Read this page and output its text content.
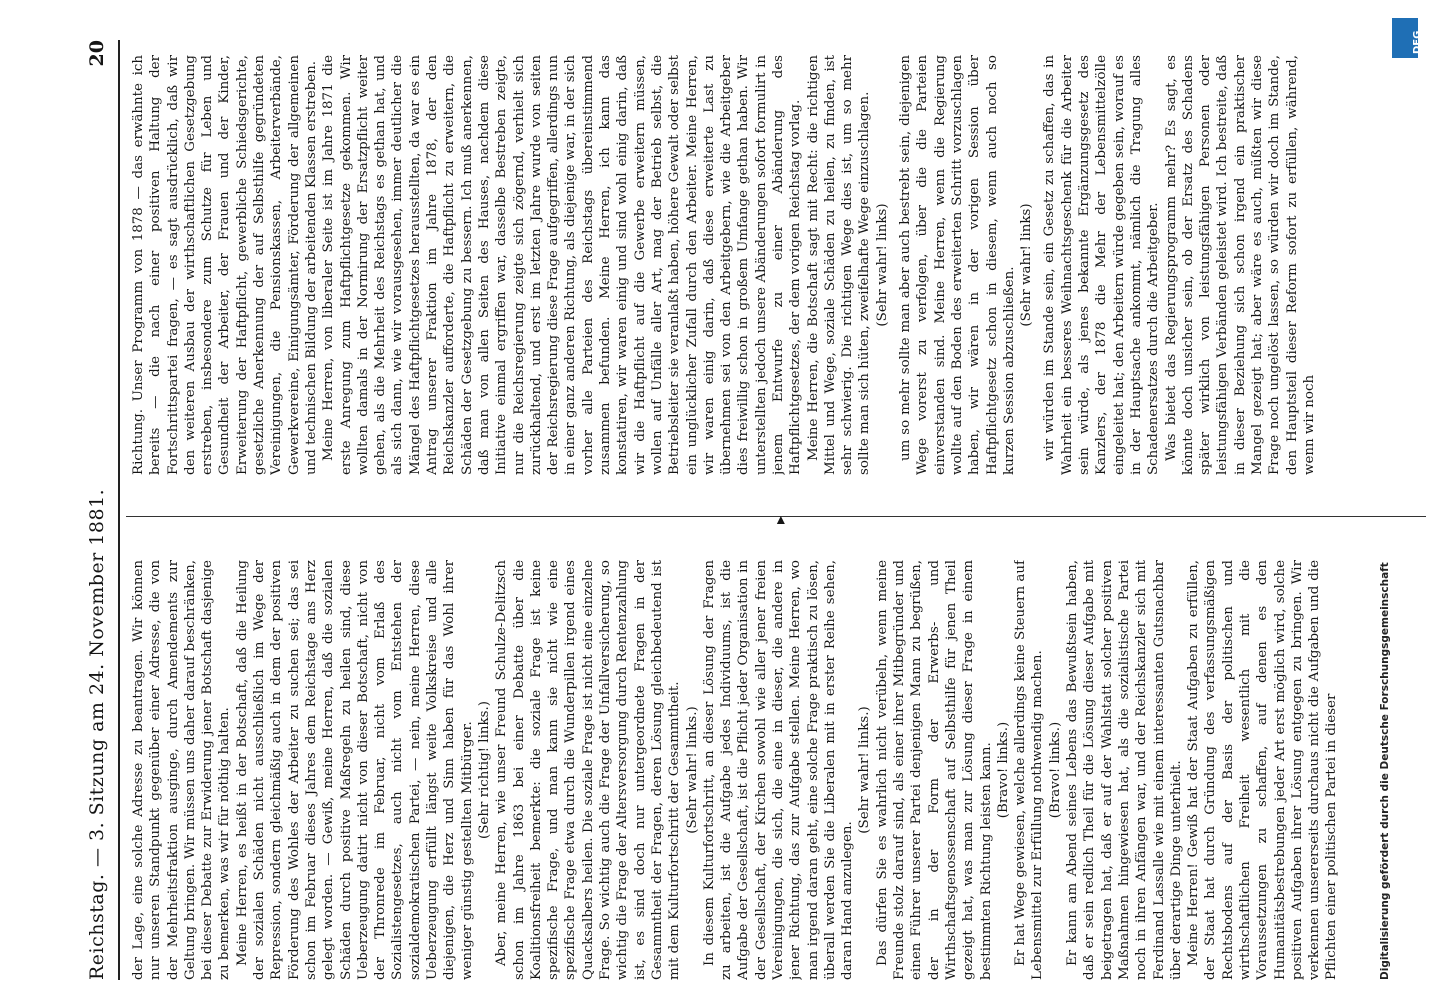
Reichstag. — 3. Sitzung am 24. November 1881.
20

der Lage, eine solche Adresse zu beantragen. Wir können nur unseren Standpunkt gegenüber einer Adresse, die von der Mehrheitsfraktion ausginge, durch Amendements zur Geltung bringen. Wir müssen uns daher darauf beschränken, bei dieser Debatte zur Erwiderung jener Botschaft dasjenige zu bemerken, was wir für nöthig halten. Meine Herren, es heißt in der Botschaft, daß die Heilung der sozialen Schäden nicht ausschließlich im Wege der Repression, sondern gleichmäßig auch in dem der positiven Förderung des Wohles der Arbeiter zu suchen sei; das sei schon im Februar dieses Jahres dem Reichstage ans Herz gelegt worden. — Gewiß, meine Herren, daß die sozialen Schäden durch positive Maßregeln zu heilen sind, diese Ueberzeugung datirt nicht von dieser Botschaft, nicht von der Thronrede im Februar, nicht vom Erlaß des Sozialistengesetzes, auch nicht vom Entstehen der sozialdemokratischen Partei, — nein, meine Herren, diese Ueberzeugung erfüllt längst weite Volkskreise und alle diejenigen, die Herz und Sinn haben für das Wohl ihrer weniger günstig gestellten Mitbürger. (Sehr richtig! links.) Aber, meine Herren, wie unser Freund Schulze-Delitzsch schon im Jahre 1863 bei einer Debatte über die Koalitionsfreiheit bemerkte: die soziale Frage ist keine spezifische Frage, und man kann sie nicht wie eine spezifische Frage etwa durch die Wunderpillen irgend eines Quacksalbers heilen. Die soziale Frage ist nicht eine einzelne Frage. So wichtig auch die Frage der Unfallversicherung, so wichtig die Frage der Altersversorgung durch Rentenzahlung ist, es sind doch nur untergeordnete Fragen in der Gesammtheit der Fragen, deren Lösung gleichbedeutend ist mit dem Kulturfortschritt der Gesammtheit. (Sehr wahr! links.) In diesem Kulturfortschritt, an dieser Lösung der Fragen zu arbeiten, ist die Aufgabe jedes Individuums, ist die Aufgabe der Gesellschaft, ist die Pflicht jeder Organisation in der Gesellschaft, der Kirchen sowohl wie aller jener freien Vereinigungen, die sich, die eine in dieser, die andere in jener Richtung, das zur Aufgabe stellen. Meine Herren, wo man irgend daran geht, eine solche Frage praktisch zu lösen, überall werden Sie die Liberalen mit in erster Reihe sehen, daran Hand anzulegen.

(Sehr wahr! links.) Das dürfen Sie es wahrlich nicht verübeln, wenn meine Freunde stolz darauf sind, als einer ihrer Mitbegründer und einen Führer unserer Partei denjenigen Mann zu begrüßen, der in der Form der Erwerbs- und Wirthschaftsgenossenschaft auf Selbsthilfe für jenen Theil gezeigt hat, was man zur Lösung dieser Frage in einem bestimmten Richtung leisten kann. (Bravo! links.) Er hat Wege gewiesen, welche allerdings keine Steuern auf Lebensmittel zur Erfüllung nothwendig machen. (Bravo! links.) Er kann am Abend seines Lebens das Bewußtsein haben, daß er sein redlich Theil für die Lösung dieser Aufgabe mit beigetragen hat, daß er auf der Wahlstatt solcher positiven Maßnahmen hingewiesen hat, als die sozialistische Partei noch in ihren Anfängen war, und der Reichskanzler sich mit Ferdinand Lassalle wie mit einem interessanten Gutsnachbar über derartige Dinge unterhielt. Meine Herren! Gewiß hat der Staat Aufgaben zu erfüllen, der Staat hat durch Gründung des verfassungsmäßigen Rechtsbodens auf der Basis der politischen und wirthschaftlichen Freiheit wesentlich mit die Voraussetzungen zu schaffen, auf denen es den Humanitätsbestrebungen jeder Art erst möglich wird, solche positiven Aufgaben ihrer Lösung entgegen zu bringen. Wir verkennen unsererseits durchaus nicht die Aufgaben und die Pflichten einer politischen Partei in dieser

▸

Richtung. Unser Programm von 1878 — das erwähnte ich bereits — die nach einer positiven Haltung der Fortschrittspartei fragen, — es sagt ausdrücklich, daß wir den weiteren Ausbau der wirthschaftlichen Gesetzgebung erstreben, insbesondere zum Schutze für Leben und Gesundheit der Arbeiter, der Frauen und der Kinder, Erweiterung der Haftpflicht, gewerbliche Schiedsgerichte, gesetzliche Anerkennung der auf Selbsthilfe gegründeten Vereinigungen, die Pensionskassen, Arbeiterverbände, Gewerkvereine, Einigungsämter, Förderung der allgemeinen und technischen Bildung der arbeitenden Klassen erstreben. Meine Herren, von liberaler Seite ist im Jahre 1871 die erste Anregung zum Haftpflichtgesetze gekommen. Wir wollten damals in der Normirung der Ersatzpflicht weiter gehen, als die Mehrheit des Reichstags es gethan hat, und als sich dann, wie wir vorausgesehen, immer deutlicher die Mängel des Haftpflichtgesetzes herausstellten, da war es ein Antrag unserer Fraktion im Jahre 1878, der den Reichskanzler aufforderte, die Haftpflicht zu erweitern, die Schäden der Gesetzgebung zu bessern. Ich muß anerkennen, daß man von allen Seiten des Hauses, nachdem diese Initiative einmal ergriffen war, dasselbe Bestreben zeigte, nur die Reichsregierung zeigte sich zögernd, verhielt sich zurückhaltend, und erst im letzten Jahre wurde von seiten der Reichsregierung diese Frage aufgegriffen, allerdings nun in einer ganz anderen Richtung, als diejenige war, in der sich vorher alle Parteien des Reichstags übereinstimmend zusammen befunden. Meine Herren, ich kann das konstatiren, wir waren einig und sind wohl einig darin, daß wir die Haftpflicht auf die Gewerbe erweitern müssen, wollen auf Unfälle aller Art, mag der Betrieb selbst, die Betriebsleiter sie veranlaßt haben, höhere Gewalt oder selbst ein unglücklicher Zufall durch den Arbeiter. Meine Herren, wir waren einig darin, daß diese erweiterte Last zu übernehmen sei von den Arbeitgebern, wie die Arbeitgeber dies freiwillig schon in großem Umfange gethan haben. Wir unterstellten jedoch unsere Abänderungen sofort formulirt in jenem Entwurfe zu einer Abänderung des Haftpflichtgesetzes, der dem vorigen Reichstag vorlag. Meine Herren, die Botschaft sagt mit Recht: die richtigen Mittel und Wege, soziale Schäden zu heilen, zu finden, ist sehr schwierig. Die richtigen Wege dies ist, um so mehr sollte man sich hüten, zweifelhafte Wege einzuschlagen. (Sehr wahr! links) um so mehr sollte man aber auch bestrebt sein, diejenigen Wege vorerst zu verfolgen, über die die Parteien einverstanden sind. Meine Herren, wenn die Regierung wollte auf den Boden des erweiterten Schritt vorzuschlagen haben, wir wären in der vorigen Session über Haftpflichtgesetz schon in diesem, wenn auch noch so kurzen Session abzuschließen.

(Sehr wahr! links) wir würden im Stande sein, ein Gesetz zu schaffen, das in Wahrheit ein besseres Weihnachtsgeschenk für die Arbeiter sein würde, als jenes bekannte Ergänzungsgesetz des Kanzlers, der 1878 die Mehr der Lebensmittelzölle eingeleitet hat; den Arbeitern würde gegeben sein, worauf es in der Hauptsache ankommt, nämlich die Tragung alles Schadenersatzes durch die Arbeitgeber. Was bietet das Regierungsprogramm mehr? Es sagt, es könnte doch unsicher sein, ob der Ersatz des Schadens später wirklich von leistungsfähigen Personen oder leistungsfähigen Verbänden geleistet wird. Ich bestreite, daß in dieser Beziehung sich schon irgend ein praktischer Mangel gezeigt hat; aber wäre es auch, müßten wir diese Frage noch ungelöst lassen, so würden wir doch im Stande, den Hauptsteil dieser Reform sofort zu erfüllen, während, wenn wir noch

Digitalisierung gefördert durch die Deutsche Forschungsgemeinschaft
DFG
